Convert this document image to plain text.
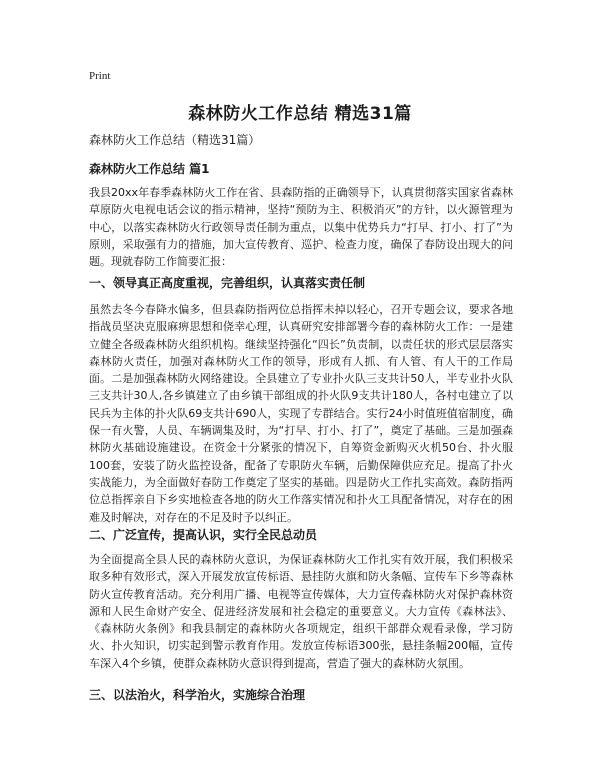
Print
森林防火工作总结 精选31篇
森林防火工作总结（精选31篇）
森林防火工作总结 篇1
我县20xx年春季森林防火工作在省、县森防指的正确领导下，认真贯彻落实国家省森林草原防火电视电话会议的指示精神，坚持“预防为主、积极消灭”的方针，以火源管理为中心，以落实森林防火行政领导责任制为重点，以集中优势兵力“打早、打小、打了”为原则，采取强有力的措施，加大宣传教育、巡护、检查力度，确保了春防设出现大的问题。现就春防工作简要汇报：
一、领导真正高度重视，完善组织，认真落实责任制
虽然去冬今春降水偏多，但县森防指两位总指挥未掉以轻心，召开专题会议，要求各地指战员坚决克服麻痹思想和侥幸心理，认真研究安排部署今春的森林防火工作：一是建立健全各级森林防火组织机构。继续坚持强化“四长”负责制，以责任状的形式层层落实森林防火责任，加强对森林防火工作的领导，形成有人抓、有人管、有人干的工作局面。二是加强森林防火网络建设。全县建立了专业扑火队三支共计50人，半专业扑火队三支共计30人,各乡镇建立了由乡镇干部组成的扑火队9支共计180人，各村屯建立了以民兵为主体的扑火队69支共计690人，实现了专群结合。实行24小时值班值宿制度，确保一有火警，人员、车辆调集及时，为“打早、打小、打了”，奠定了基础。三是加强森林防火基础设施建设。在资金十分紧张的情况下，自筹资金新购灭火机50台、扑火服100套，安装了防火监控设备，配备了专职防火车辆，后勤保障供应充足。提高了扑火实战能力，为全面做好春防工作奠定了坚实的基础。四是防火工作扎实高效。森防指两位总指挥亲自下乡实地检查各地的防火工作落实情况和扑火工具配备情况，对存在的困难及时解决，对存在的不足及时予以纠正。
二、广泛宣传，提高认识，实行全民总动员
为全面提高全县人民的森林防火意识，为保证森林防火工作扎实有效开展，我们积极采取多种有效形式，深入开展发放宣传标语、悬挂防火旗和防火条幅、宣传车下乡等森林防火宣传教育活动。充分利用广播、电视等宣传媒体，大力宣传森林防火对保护森林资源和人民生命财产安全、促进经济发展和社会稳定的重要意义。大力宣传《森林法》、《森林防火条例》和我县制定的森林防火各项规定，组织干部群众观看录像，学习防火、扑火知识，切实起到警示教育作用。发放宣传标语300张，悬挂条幅200幅，宣传车深入4个乡镇，使群众森林防火意识得到提高，营造了强大的森林防火氛围。
三、以法治火，科学治火，实施综合治理
